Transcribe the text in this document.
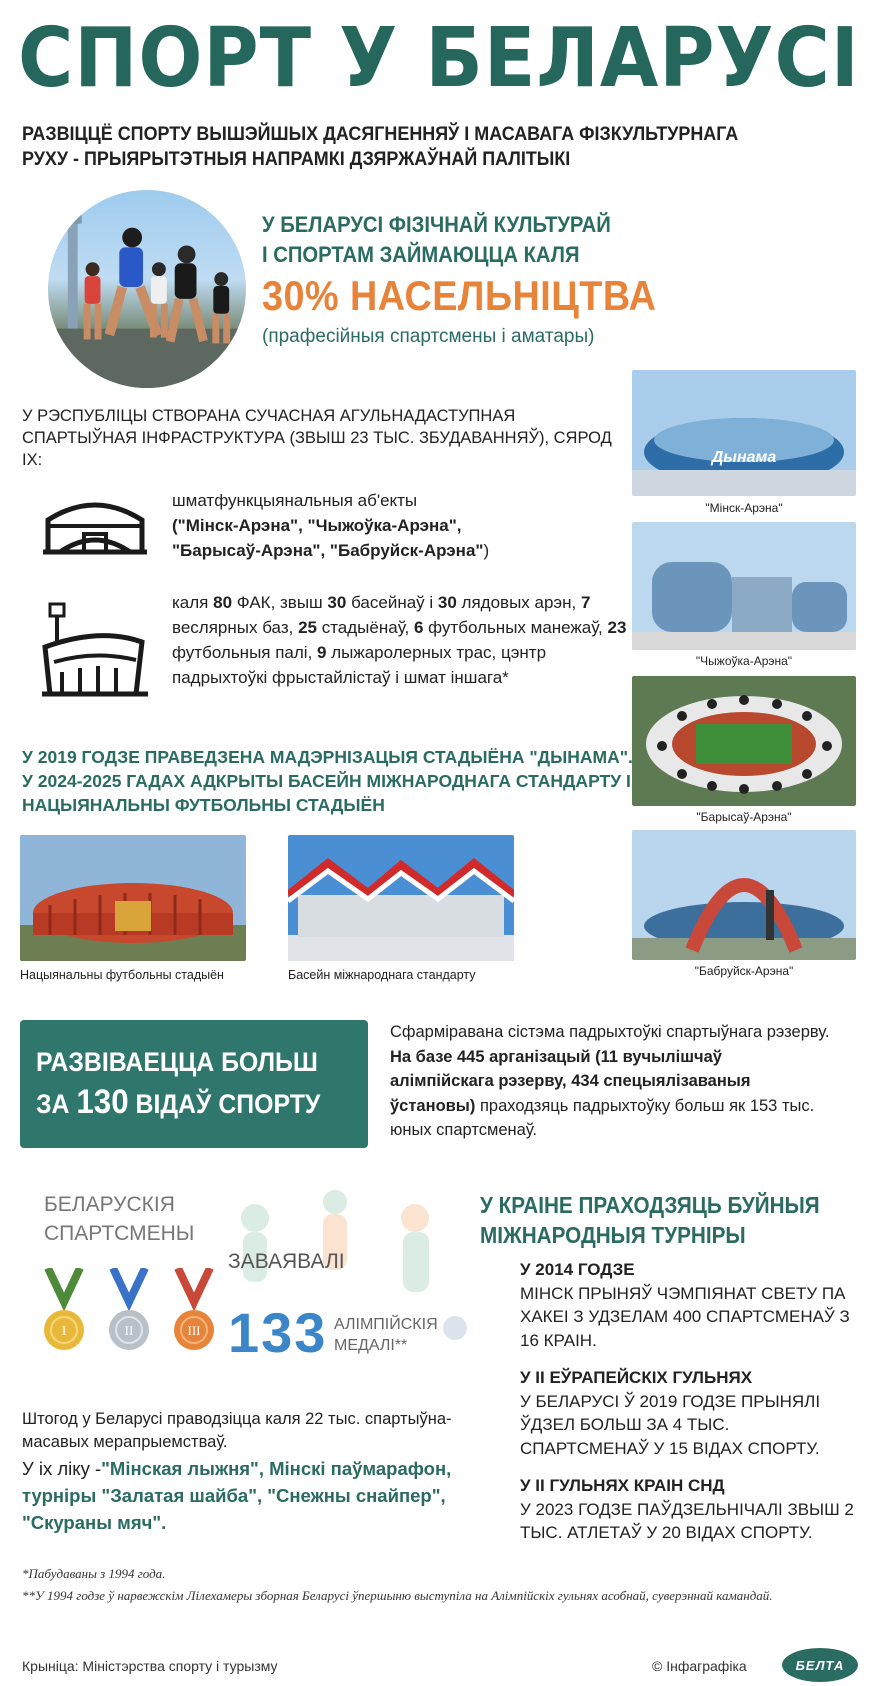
СПОРТ У БЕЛАРУСІ
РАЗВІЦЦЁ СПОРТУ ВЫШЭЙШЫХ ДАСЯГНЕННЯЎ І МАСАВАГА ФІЗКУЛЬТУРНАГА РУХУ - ПРЫЯРЫТЭТНЫЯ НАПРАМКІ ДЗЯРЖАЎНАЙ ПАЛІТЫКІ
У БЕЛАРУСІ ФІЗІЧНАЙ КУЛЬТУРАЙ
І СПОРТАМ ЗАЙМАЮЦЦА КАЛЯ
30% НАСЕЛЬНІЦТВА
(прафесійныя спартсмены і аматары)
У РЭСПУБЛІЦЫ СТВОРАНА СУЧАСНАЯ АГУЛЬНАДАСТУПНАЯ СПАРТЫЎНАЯ ІНФРАСТРУКТУРА (ЗВЫШ 23 ТЫС. ЗБУДАВАННЯЎ), СЯРОД ІХ:
шматфункцыянальныя аб'екты
("Мінск-Арэна", "Чыжоўка-Арэна",
"Барысаў-Арэна", "Бабруйск-Арэна")
каля 80 ФАК, звыш 30 басейнаў і 30 лядовых арэн, 7 веслярных баз, 25 стадыёнаў, 6 футбольных манежаў, 23 футбольныя палі, 9 лыжаролерных трас, цэнтр падрыхтоўкі фрыстайлістаў і шмат іншага*
Дынама
"Мінск-Арэна"
"Чыжоўка-Арэна"
"Барысаў-Арэна"
"Бабруйск-Арэна"
У 2019 ГОДЗЕ ПРАВЕДЗЕНА МАДЭРНІЗАЦЫЯ СТАДЫЁНА "ДЫНАМА".
У 2024-2025 ГАДАХ АДКРЫТЫ БАСЕЙН МІЖНАРОДНАГА СТАНДАРТУ І НАЦЫЯНАЛЬНЫ ФУТБОЛЬНЫ СТАДЫЁН
Нацыянальны футбольны стадыён	Басейн міжнароднага стандарту
РАЗВІВАЕЦЦА БОЛЬШ
ЗА 130 ВІДАЎ СПОРТУ
Сфарміравана сістэма падрыхтоўкі спартыўнага рэзерву. На базе 445 арганізацый (11 вучылішчаў алімпійскага рэзерву, 434 спецыялізаваныя ўстановы) праходзяць падрыхтоўку больш як 153 тыс. юных спартсменаў.
БЕЛАРУСКІЯ
СПАРТСМЕНЫ
ЗАВАЯВАЛІ
I	II	III 133 АЛІМПІЙСКІЯ
МЕДАЛІ**
У КРАІНЕ ПРАХОДЗЯЦЬ БУЙНЫЯ
МІЖНАРОДНЫЯ ТУРНІРЫ
У 2014 ГОДЗЕ
МІНСК ПРЫНЯЎ ЧЭМПІЯНАТ СВЕТУ ПА ХАКЕІ З УДЗЕЛАМ 400 СПАРТСМЕНАЎ З 16 КРАІН.
У II ЕЎРАПЕЙСКІХ ГУЛЬНЯХ
У БЕЛАРУСІ Ў 2019 ГОДЗЕ ПРЫНЯЛІ ЎДЗЕЛ БОЛЬШ ЗА 4 ТЫС. СПАРТСМЕНАЎ У 15 ВІДАХ СПОРТУ.
У II ГУЛЬНЯХ КРАІН СНД
У 2023 ГОДЗЕ ПАЎДЗЕЛЬНІЧАЛІ ЗВЫШ 2 ТЫС. АТЛЕТАЎ У 20 ВІДАХ СПОРТУ.
Штогод у Беларусі праводзіцца каля 22 тыс. спартыўна-масавых мерапрыемстваў.
У іх ліку -"Мінская лыжня", Мінскі паўмарафон, турніры "Залатая шайба", "Снежны снайпер", "Скураны мяч".
*Пабудаваны з 1994 года.
**У 1994 годзе ў нарвежскім Лілехамеры зборная Беларусі ўпершыню выступіла на Алімпійскіх гульнях асобнай, суверэннай камандай.
Крыніца: Міністэрства спорту і турызму	© Інфаграфіка	БЕЛТА
